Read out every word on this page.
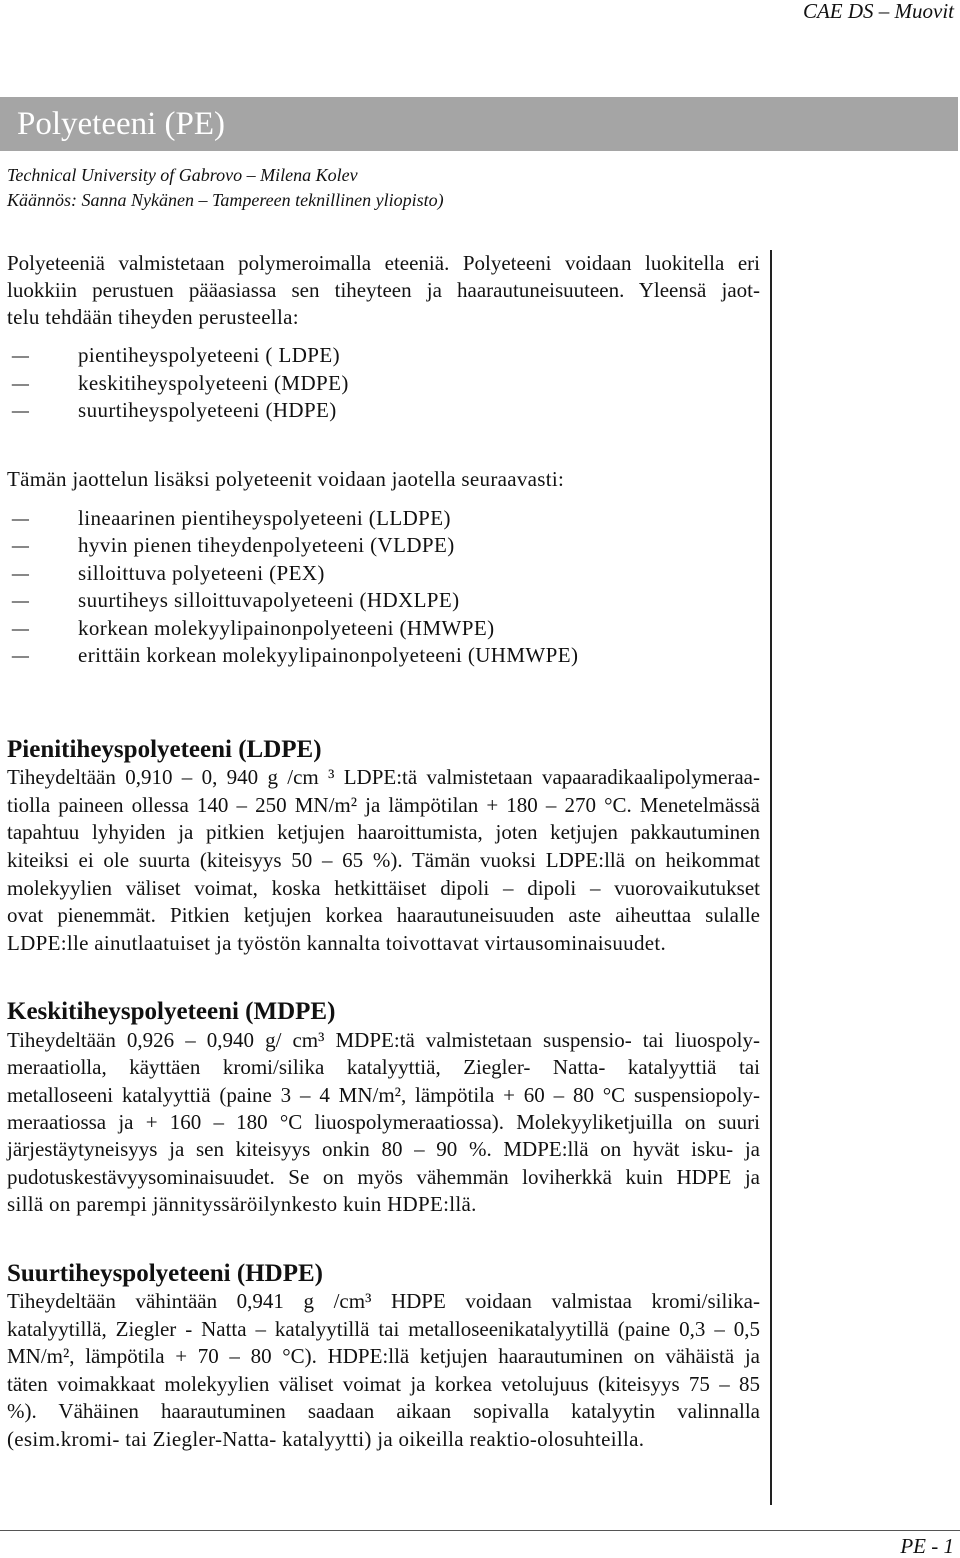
CAE DS – Muovit
Polyeteeni (PE)
Technical University of Gabrovo – Milena Kolev
Käännös: Sanna Nykänen – Tampereen teknillinen yliopisto)
Polyeteeniä valmistetaan polymeroimalla eteeniä. Polyeteeni voidaan luokitella eri
luokkiin perustuen pääasiassa sen tiheyteen ja haarautuneisuuteen. Yleensä jaot-
telu tehdään tiheyden perusteella:
– pientiheyspolyeteeni ( LDPE)
– keskitiheyspolyeteeni (MDPE)
– suurtiheyspolyeteeni (HDPE)
Tämän jaottelun lisäksi polyeteenit voidaan jaotella seuraavasti:
– lineaarinen pientiheyspolyeteeni (LLDPE)
– hyvin pienen tiheydenpolyeteeni (VLDPE)
– silloittuva polyeteeni (PEX)
– suurtiheys silloittuvapolyeteeni (HDXLPE)
– korkean molekyylipainonpolyeteeni (HMWPE)
– erittäin korkean molekyylipainonpolyeteeni (UHMWPE)
Pienitiheyspolyeteeni (LDPE)
Tiheydeltään 0,910 – 0, 940 g /cm ³ LDPE:tä valmistetaan vapaaradikaalipolymeraa-
tiolla paineen ollessa 140 – 250 MN/m² ja lämpötilan + 180 – 270 °C. Menetelmässä
tapahtuu lyhyiden ja pitkien ketjujen haaroittumista, joten ketjujen pakkautuminen
kiteiksi ei ole suurta (kiteisyys 50 – 65 %). Tämän vuoksi LDPE:llä on heikommat
molekyylien väliset voimat, koska hetkittäiset dipoli – dipoli – vuorovaikutukset
ovat pienemmät. Pitkien ketjujen korkea haarautuneisuuden aste aiheuttaa sulalle
LDPE:lle ainutlaatuiset ja työstön kannalta toivottavat virtausominaisuudet.
Keskitiheyspolyeteeni (MDPE)
Tiheydeltään 0,926 – 0,940 g/ cm³ MDPE:tä valmistetaan suspensio- tai liuospoly-
meraatiolla, käyttäen kromi/silika katalyyttiä, Ziegler- Natta- katalyyttiä tai
metalloseeni katalyyttiä (paine 3 – 4 MN/m², lämpötila + 60 – 80 °C suspensiopoly-
meraatiossa ja + 160 – 180 °C liuospolymeraatiossa). Molekyyliketjuilla on suuri
järjestäytyneisyys ja sen kiteisyys onkin 80 – 90 %. MDPE:llä on hyvät isku- ja
pudotuskestävyysominaisuudet. Se on myös vähemmän loviherkkä kuin HDPE ja
sillä on parempi jännityssäröilynkesto kuin HDPE:llä.
Suurtiheyspolyeteeni (HDPE)
Tiheydeltään vähintään 0,941 g /cm³ HDPE voidaan valmistaa kromi/silika-
katalyytillä, Ziegler - Natta – katalyytillä tai metalloseenikatalyytillä (paine 0,3 – 0,5
MN/m², lämpötila + 70 – 80 °C). HDPE:llä ketjujen haarautuminen on vähäistä ja
täten voimakkaat molekyylien väliset voimat ja korkea vetolujuus (kiteisyys 75 – 85
%). Vähäinen haarautuminen saadaan aikaan sopivalla katalyytin valinnalla
(esim.kromi- tai Ziegler-Natta- katalyytti) ja oikeilla reaktio-olosuhteilla.
PE - 1
